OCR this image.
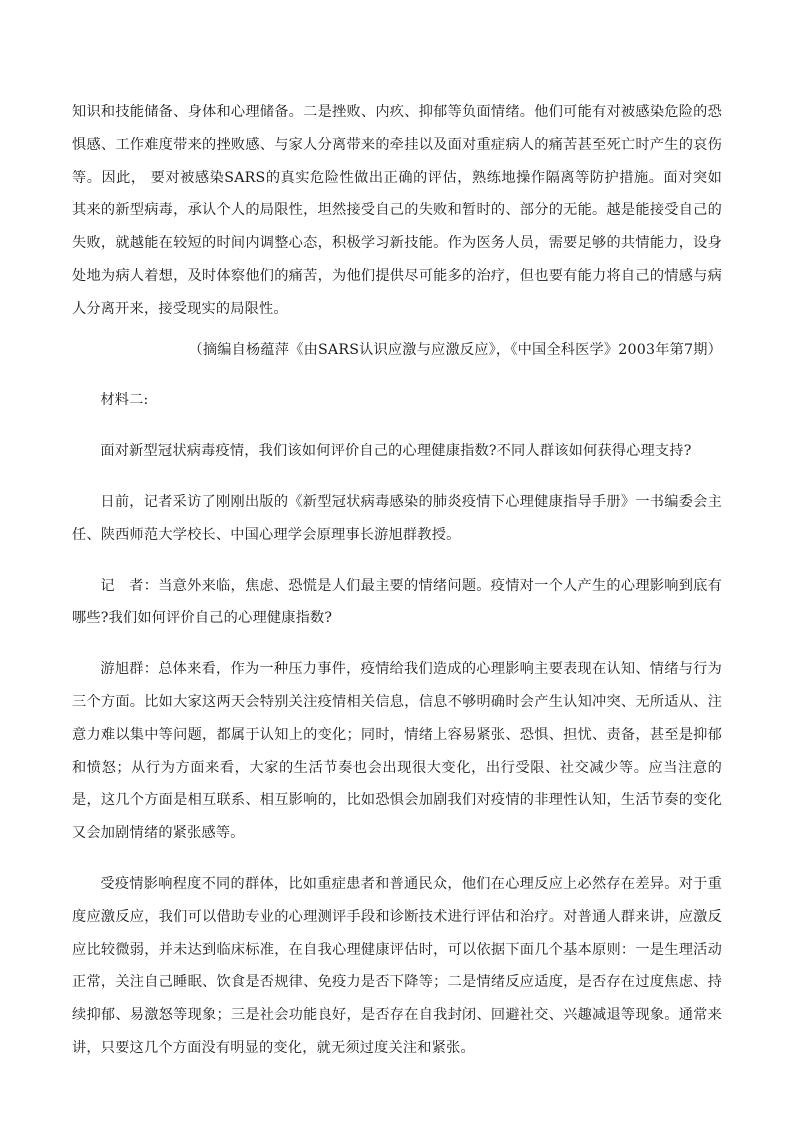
知识和技能储备、身体和心理储备。二是挫败、内疚、抑郁等负面情绪。他们可能有对被感染危险的恐惧感、工作难度带来的挫败感、与家人分离带来的牵挂以及面对重症病人的痛苦甚至死亡时产生的哀伤等。因此， 要对被感染SARS的真实危险性做出正确的评估，熟练地操作隔离等防护措施。面对突如其来的新型病毒，承认个人的局限性，坦然接受自己的失败和暂时的、部分的无能。越是能接受自己的失败，就越能在较短的时间内调整心态，积极学习新技能。作为医务人员，需要足够的共情能力，设身处地为病人着想，及时体察他们的痛苦，为他们提供尽可能多的治疗，但也要有能力将自己的情感与病人分离开来，接受现实的局限性。

（摘编自杨蕴萍《由SARS认识应激与应激反应》，《中国全科医学》2003年第7期）

材料二:

面对新型冠状病毒疫情，我们该如何评价自己的心理健康指数?不同人群该如何获得心理支持?

日前，记者采访了刚刚出版的《新型冠状病毒感染的肺炎疫情下心理健康指导手册》一书编委会主任、陕西师范大学校长、中国心理学会原理事长游旭群教授。

记　者：当意外来临，焦虑、恐慌是人们最主要的情绪问题。疫情对一个人产生的心理影响到底有哪些?我们如何评价自己的心理健康指数?

游旭群：总体来看，作为一种压力事件，疫情给我们造成的心理影响主要表现在认知、情绪与行为三个方面。比如大家这两天会特别关注疫情相关信息，信息不够明确时会产生认知冲突、无所适从、注意力难以集中等问题，都属于认知上的变化；同时，情绪上容易紧张、恐惧、担忧、责备，甚至是抑郁和愤怒；从行为方面来看，大家的生活节奏也会出现很大变化，出行受限、社交减少等。应当注意的是，这几个方面是相互联系、相互影响的，比如恐惧会加剧我们对疫情的非理性认知，生活节奏的变化又会加剧情绪的紧张感等。

受疫情影响程度不同的群体，比如重症患者和普通民众，他们在心理反应上必然存在差异。对于重度应激反应，我们可以借助专业的心理测评手段和诊断技术进行评估和治疗。对普通人群来讲，应激反应比较微弱，并未达到临床标准，在自我心理健康评估时，可以依据下面几个基本原则：一是生理活动正常，关注自己睡眠、饮食是否规律、免疫力是否下降等；二是情绪反应适度，是否存在过度焦虑、持续抑郁、易激怒等现象；三是社会功能良好，是否存在自我封闭、回避社交、兴趣减退等现象。通常来讲，只要这几个方面没有明显的变化，就无须过度关注和紧张。
